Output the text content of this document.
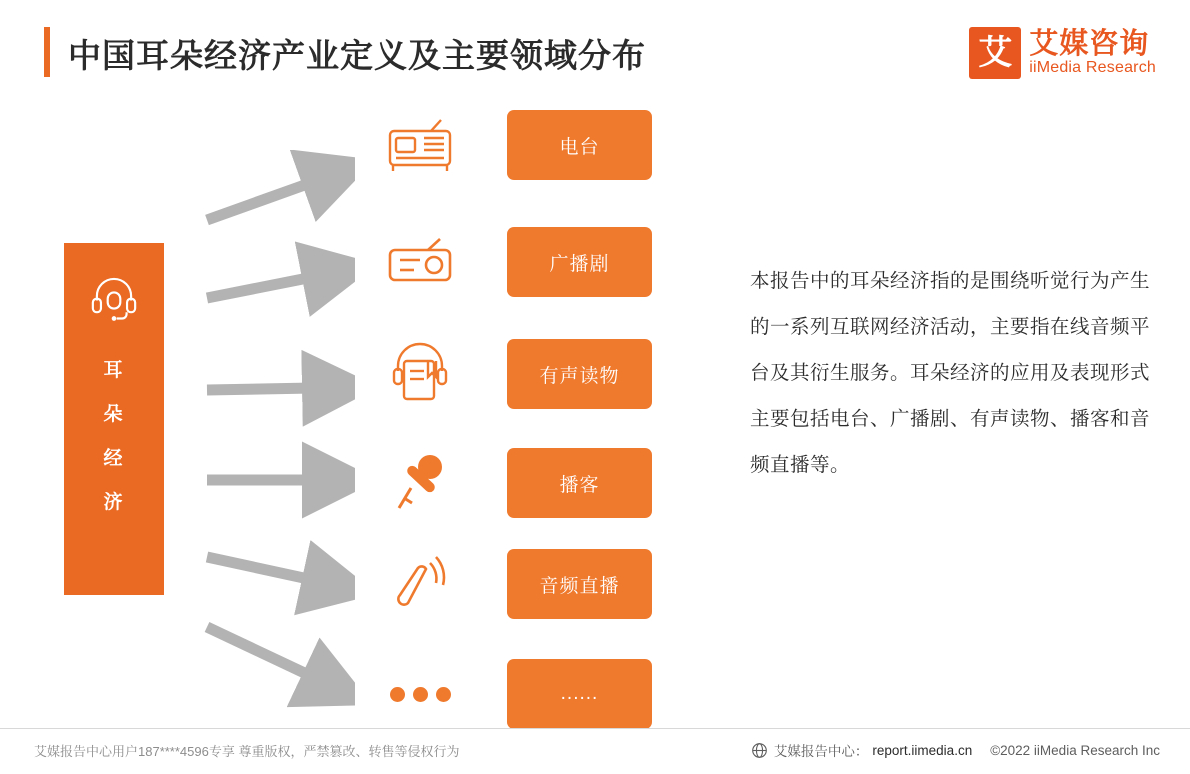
中国耳朵经济产业定义及主要领域分布	艾 艾媒咨询
iiMedia Research
耳
朵
经
济
电台
广播剧
有声读物
播客
音频直播
......
本报告中的耳朵经济指的是围绕听觉行为产生的一系列互联网经济活动，主要指在线音频平台及其衍生服务。耳朵经济的应用及表现形式主要包括电台、广播剧、有声读物、播客和音频直播等。
艾媒报告中心用户187****4596专享 尊重版权，严禁篡改、转售等侵权行为	艾媒报告中心： report.iimedia.cn ©2022 iiMedia Research Inc
